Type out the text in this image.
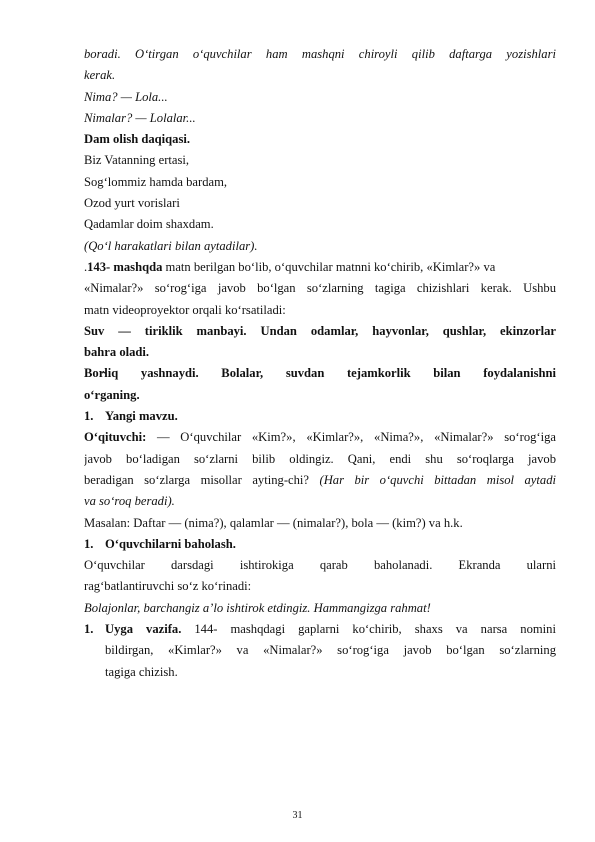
boradi. O‘tirgan o‘quvchilar ham mashqni chiroyli qilib daftarga yozishlari
kerak.
Nima? — Lola...
Nimalar? — Lolalar...
Dam olish daqiqasi.
Biz Vatanning ertasi,
Sog‘lommiz hamda bardam,
Ozod yurt vorislari
Qadamlar doim shaxdam.
(Qo‘l harakatlari bilan aytadilar).
.143- mashqda matn berilgan bo‘lib, o‘quvchilar matnni ko‘chirib, «Kimlar?» va
«Nimalar?» so‘rog‘iga javob bo‘lgan so‘zlarning tagiga chizishlari kerak. Ushbu
matn videoproyektor orqali ko‘rsatiladi:
Suv — tiriklik manbayi. Undan odamlar, hayvonlar, qushlar, ekinzorlar
bahra oladi.
Bor̴liq yashnaydi. Bolalar, suvdan tejamkorlik bilan foydalanishni
o‘rganing.
1. Yangi mavzu.
O‘qituvchi: — O‘quvchilar «Kim?», «Kimlar?», «Nima?», «Nimalar?» so‘rog‘iga
javob bo‘ladigan so‘zlarni bilib oldingiz. Qani, endi shu so‘roqlarga javob
beradigan so‘zlarga misollar ayting-chi? (Har bir o‘quvchi bittadan misol aytadi
va so‘roq beradi).
Masalan: Daftar — (nima?), qalamlar — (nimalar?), bola — (kim?) va h.k.
1. O‘quvchilarni baholash.
O‘quvchilar darsdagi ishtirokiga qarab baholanadi. Ekranda ularni
rag‘batlantiruvchi so‘z ko‘rinadi:
Bolajonlar, barchangiz a’lo ishtirok etdingiz. Hammangizga rahmat!
1. Uyga vazifa. 144- mashqdagi gaplarni ko‘chirib, shaxs va narsa nomini
bildirgan, «Kimlar?» va «Nimalar?» so‘rog‘iga javob bo‘lgan so‘zlarning
tagiga chizish.
31
